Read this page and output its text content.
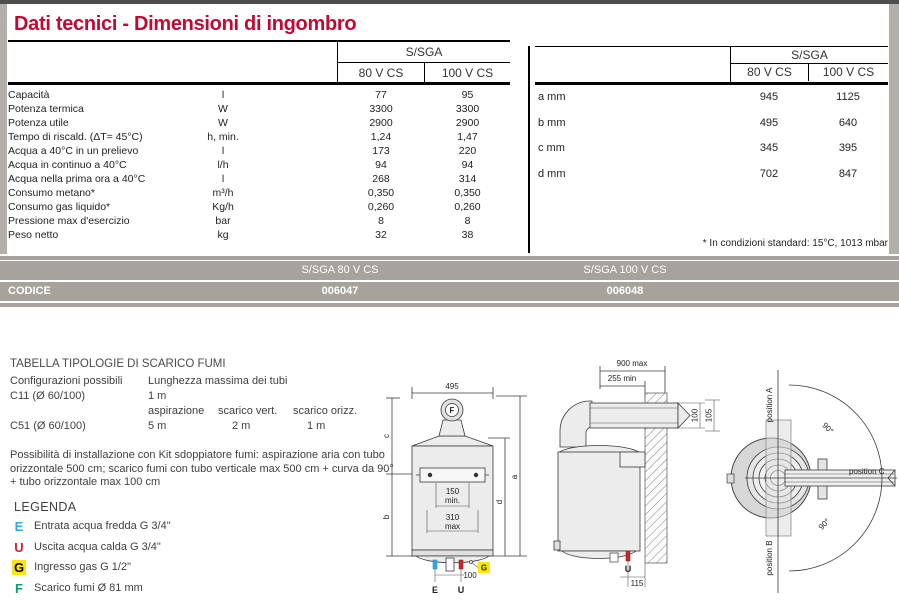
Dati tecnici - Dimensioni di ingombro
S/SGA
80 V CS	100 V CS
Capacità	l	77	95
Potenza termica	W	3300	3300
Potenza utile	W	2900	2900
Tempo di riscald. (ΔT= 45°C)	h, min.	1,24	1,47
Acqua a 40°C in un prelievo	l	173	220
Acqua in continuo a 40°C	l/h	94	94
Acqua nella prima ora a 40°C	l	268	314
Consumo metano*	m³/h	0,350	0,350
Consumo gas liquido*	Kg/h	0,260	0,260
Pressione max d'esercizio	bar	8	8
Peso netto	kg	32	38
S/SGA
80 V CS	100 V CS
a mm	945	1125
b mm	495	640
c mm	345	395
d mm	702	847
* In condizioni standard: 15°C, 1013 mbar
S/SGA 80 V CS	S/SGA 100 V CS
CODICE	006047	006048
TABELLA TIPOLOGIE DI SCARICO FUMI
Configurazioni possibili Lunghezza massima dei tubi
C11 (Ø 60/100)	1 m
aspirazione scarico vert. scarico orizz.
C51 (Ø 60/100)	5 m	2 m	1 m
Possibilità di installazione con Kit sdoppiatore fumi: aspirazione aria con tubo orizzontale 500 cm; scarico fumi con tubo verticale max 500 cm + curva da 90° + tubo orizzontale max 100 cm
LEGENDA
E Entrata acqua fredda G 3/4"
U Uscita acqua calda G 3/4"
G Ingresso gas G 1/2"
F Scarico fumi Ø 81 mm
495
a
d
c
b
F
150
min.
310
max
G
100
E U
900 max
255 min
100 105
U
115
90°
90°
position A
position B
position C
